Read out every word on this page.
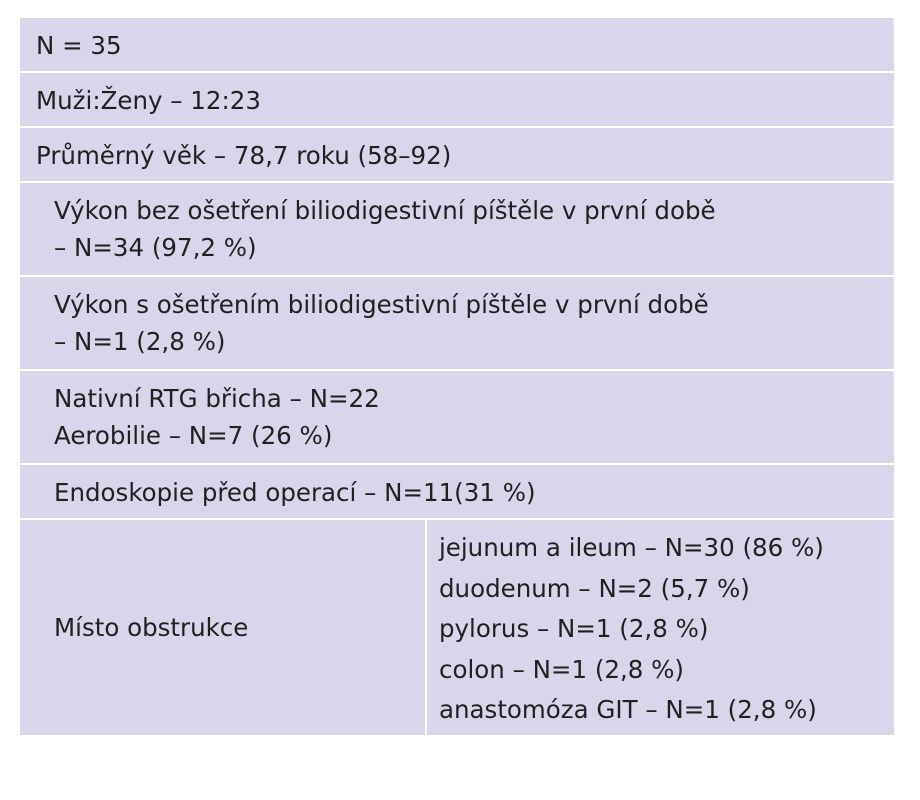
N = 35
Muži:Ženy – 12:23
Průměrný věk – 78,7 roku (58–92)
Výkon bez ošetření biliodigestivní píštěle v první době
– N=34 (97,2 %)
Výkon s ošetřením biliodigestivní píštěle v první době
– N=1 (2,8 %)
Nativní RTG břicha – N=22
Aerobilie – N=7 (26 %)
Endoskopie před operací – N=11(31 %)
Místo obstrukce
jejunum a ileum – N=30 (86 %)
duodenum – N=2 (5,7 %)
pylorus – N=1 (2,8 %)
colon – N=1 (2,8 %)
anastomóza GIT – N=1 (2,8 %)
